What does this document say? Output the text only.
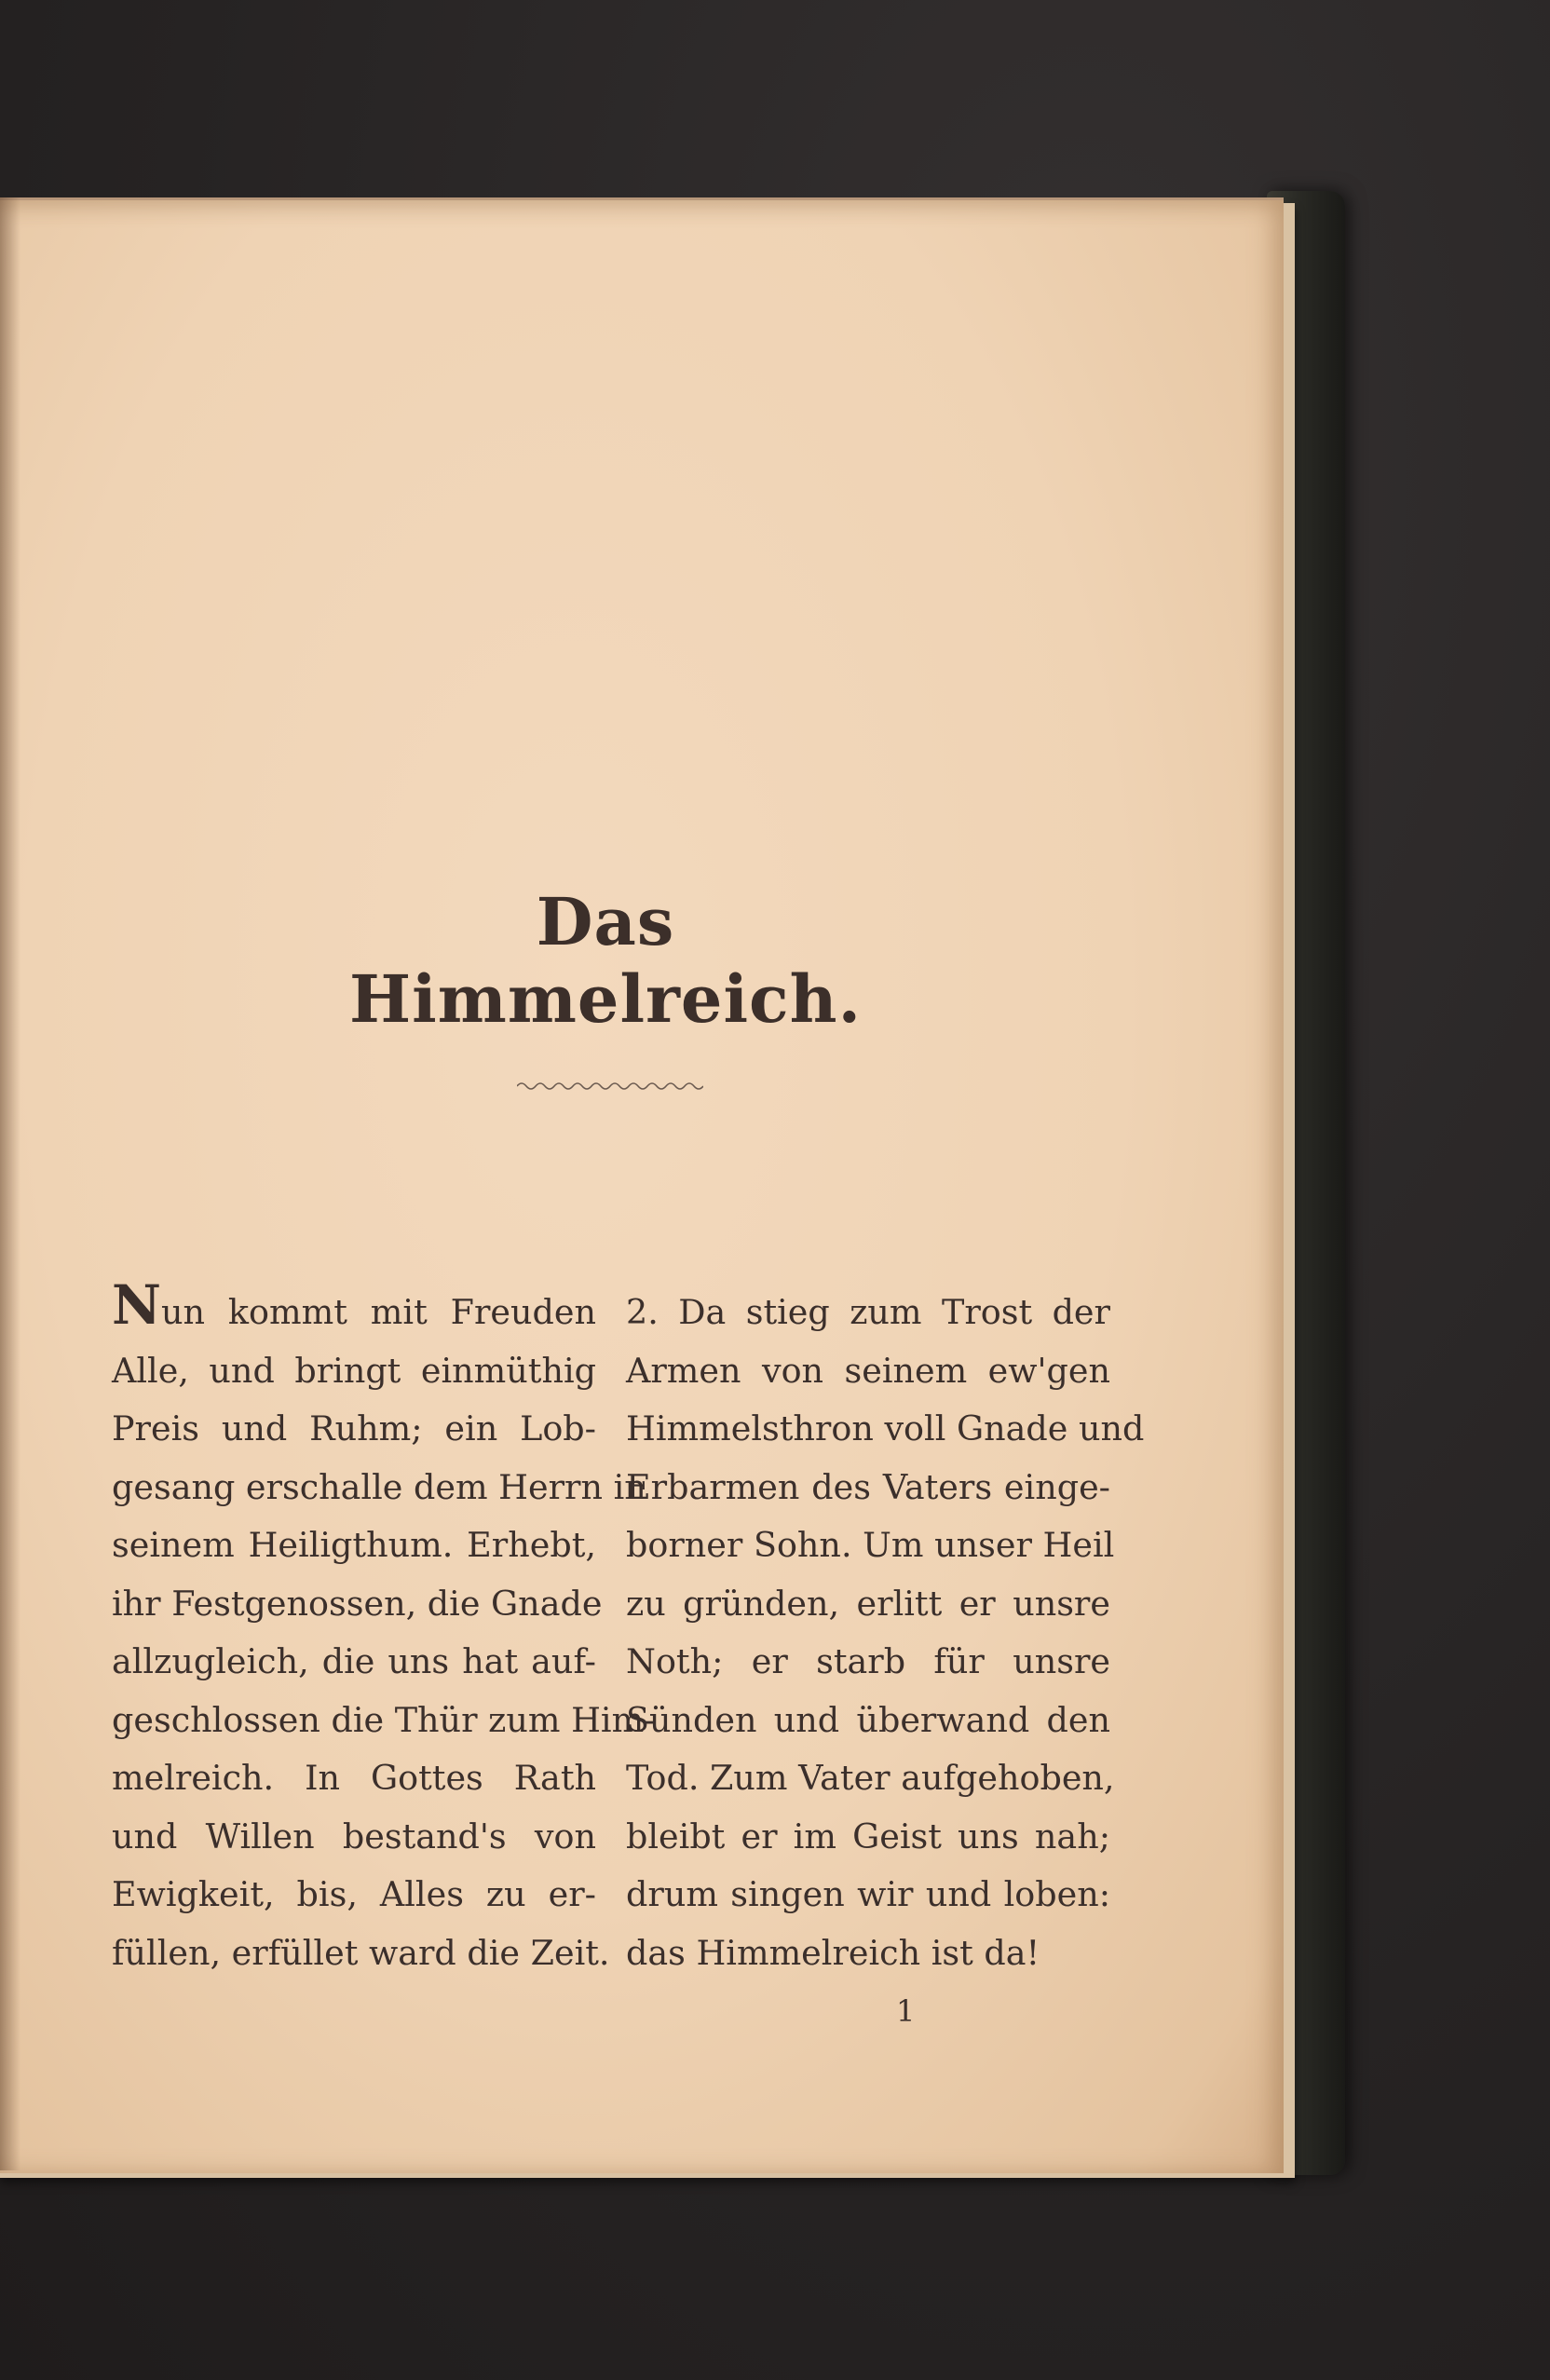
Das Himmelreich.
Nun kommt mit Freuden
Alle, und bringt einmüthig
Preis und Ruhm; ein Lob-
gesang erschalle dem Herrn in
seinem Heiligthum. Erhebt,
ihr Festgenossen, die Gnade
allzugleich, die uns hat auf-
geschlossen die Thür zum Him-
melreich. In Gottes Rath
und Willen bestand's von
Ewigkeit, bis, Alles zu er-
füllen, erfüllet ward die Zeit.
2. Da stieg zum Trost der
Armen von seinem ew'gen
Himmelsthron voll Gnade und
Erbarmen des Vaters einge-
borner Sohn. Um unser Heil
zu gründen, erlitt er unsre
Noth; er starb für unsre
Sünden und überwand den
Tod. Zum Vater aufgehoben,
bleibt er im Geist uns nah;
drum singen wir und loben:
das Himmelreich ist da!
1
